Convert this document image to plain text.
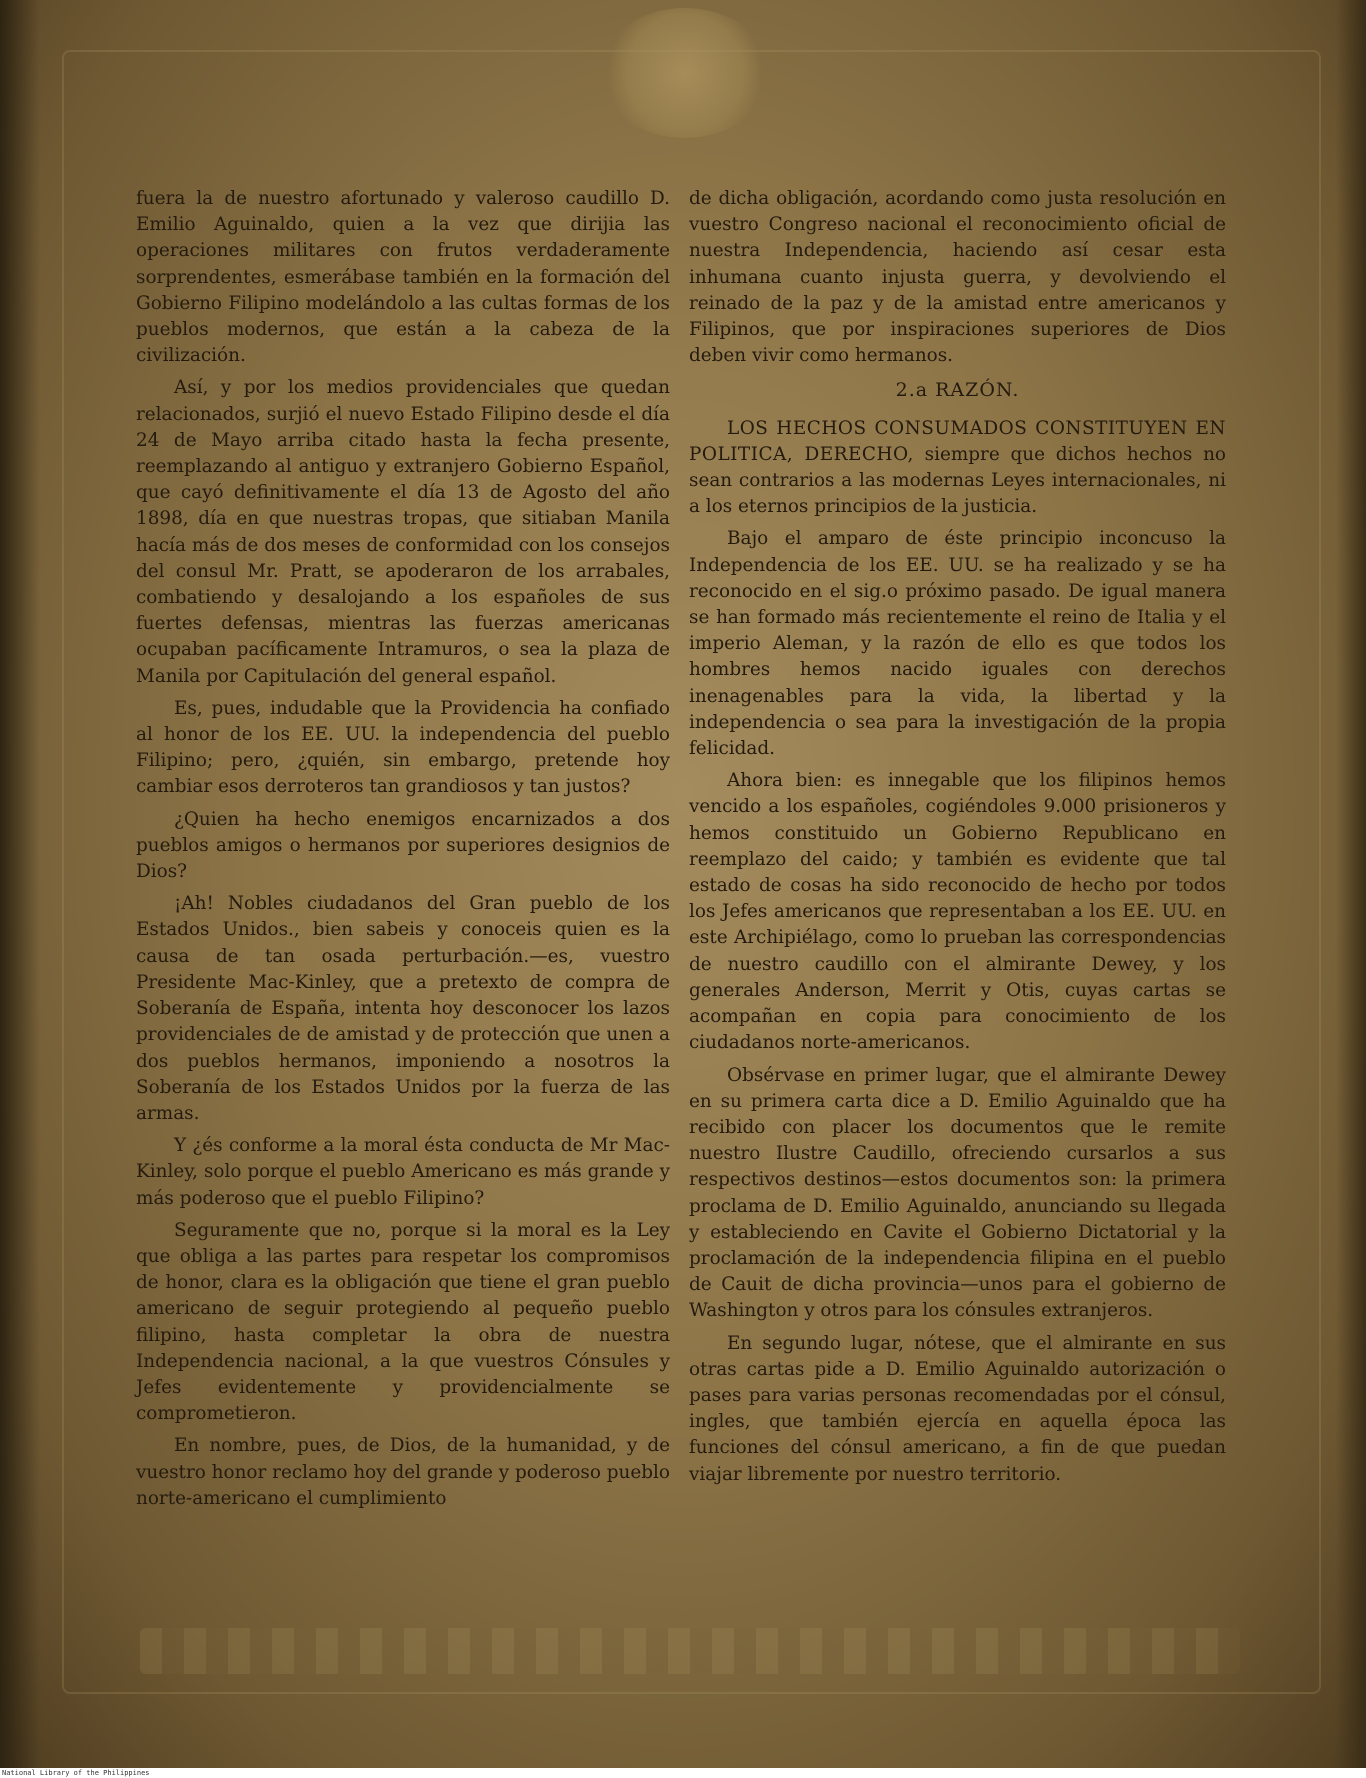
fuera la de nuestro afortunado y valeroso caudillo D. Emilio Aguinaldo, quien a la vez que dirijia las operaciones militares con frutos verdaderamente sorprendentes, esmerábase también en la formación del Gobierno Filipino modelándolo a las cultas formas de los pueblos modernos, que están a la cabeza de la civilización.

Así, y por los medios providenciales que quedan relacionados, surjió el nuevo Estado Filipino desde el día 24 de Mayo arriba citado hasta la fecha presente, reemplazando al antiguo y extranjero Gobierno Español, que cayó definitivamente el día 13 de Agosto del año 1898, día en que nuestras tropas, que sitiaban Manila hacía más de dos meses de conformidad con los consejos del consul Mr. Pratt, se apoderaron de los arrabales, combatiendo y desalojando a los españoles de sus fuertes defensas, mientras las fuerzas americanas ocupaban pacíficamente Intramuros, o sea la plaza de Manila por Capitulación del general español.

Es, pues, indudable que la Providencia ha confiado al honor de los EE. UU. la independencia del pueblo Filipino; pero, ¿quién, sin embargo, pretende hoy cambiar esos derroteros tan grandiosos y tan justos?

¿Quien ha hecho enemigos encarnizados a dos pueblos amigos o hermanos por superiores designios de Dios?

¡Ah! Nobles ciudadanos del Gran pueblo de los Estados Unidos., bien sabeis y conoceis quien es la causa de tan osada perturbación.—es, vuestro Presidente Mac-Kinley, que a pretexto de compra de Soberanía de España, intenta hoy desconocer los lazos providenciales de de amistad y de protección que unen a dos pueblos hermanos, imponiendo a nosotros la Soberanía de los Estados Unidos por la fuerza de las armas.

Y ¿és conforme a la moral ésta conducta de Mr Mac-Kinley, solo porque el pueblo Americano es más grande y más poderoso que el pueblo Filipino?

Seguramente que no, porque si la moral es la Ley que obliga a las partes para respetar los compromisos de honor, clara es la obligación que tiene el gran pueblo americano de seguir protegiendo al pequeño pueblo filipino, hasta completar la obra de nuestra Independencia nacional, a la que vuestros Cónsules y Jefes evidentemente y providencialmente se comprometieron.

En nombre, pues, de Dios, de la humanidad, y de vuestro honor reclamo hoy del grande y poderoso pueblo norte-americano el cumplimiento

de dicha obligación, acordando como justa resolución en vuestro Congreso nacional el reconocimiento oficial de nuestra Independencia, haciendo así cesar esta inhumana cuanto injusta guerra, y devolviendo el reinado de la paz y de la amistad entre americanos y Filipinos, que por inspiraciones superiores de Dios deben vivir como hermanos.

2.a RAZÓN.

LOS HECHOS CONSUMADOS CONSTITUYEN EN POLITICA, DERECHO, siempre que dichos hechos no sean contrarios a las modernas Leyes internacionales, ni a los eternos principios de la justicia.

Bajo el amparo de éste principio inconcuso la Independencia de los EE. UU. se ha realizado y se ha reconocido en el sig.o próximo pasado. De igual manera se han formado más recientemente el reino de Italia y el imperio Aleman, y la razón de ello es que todos los hombres hemos nacido iguales con derechos inenagenables para la vida, la libertad y la independencia o sea para la investigación de la propia felicidad.

Ahora bien: es innegable que los filipinos hemos vencido a los españoles, cogiéndoles 9.000 prisioneros y hemos constituido un Gobierno Republicano en reemplazo del caido; y también es evidente que tal estado de cosas ha sido reconocido de hecho por todos los Jefes americanos que representaban a los EE. UU. en este Archipiélago, como lo prueban las correspondencias de nuestro caudillo con el almirante Dewey, y los generales Anderson, Merrit y Otis, cuyas cartas se acompañan en copia para conocimiento de los ciudadanos norte-americanos.

Obsérvase en primer lugar, que el almirante Dewey en su primera carta dice a D. Emilio Aguinaldo que ha recibido con placer los documentos que le remite nuestro Ilustre Caudillo, ofreciendo cursarlos a sus respectivos destinos—estos documentos son: la primera proclama de D. Emilio Aguinaldo, anunciando su llegada y estableciendo en Cavite el Gobierno Dictatorial y la proclamación de la independencia filipina en el pueblo de Cauit de dicha provincia—unos para el gobierno de Washington y otros para los cónsules extranjeros.

En segundo lugar, nótese, que el almirante en sus otras cartas pide a D. Emilio Aguinaldo autorización o pases para varias personas recomendadas por el cónsul, ingles, que también ejercía en aquella época las funciones del cónsul americano, a fin de que puedan viajar libremente por nuestro territorio.

National Library of the Philippines
